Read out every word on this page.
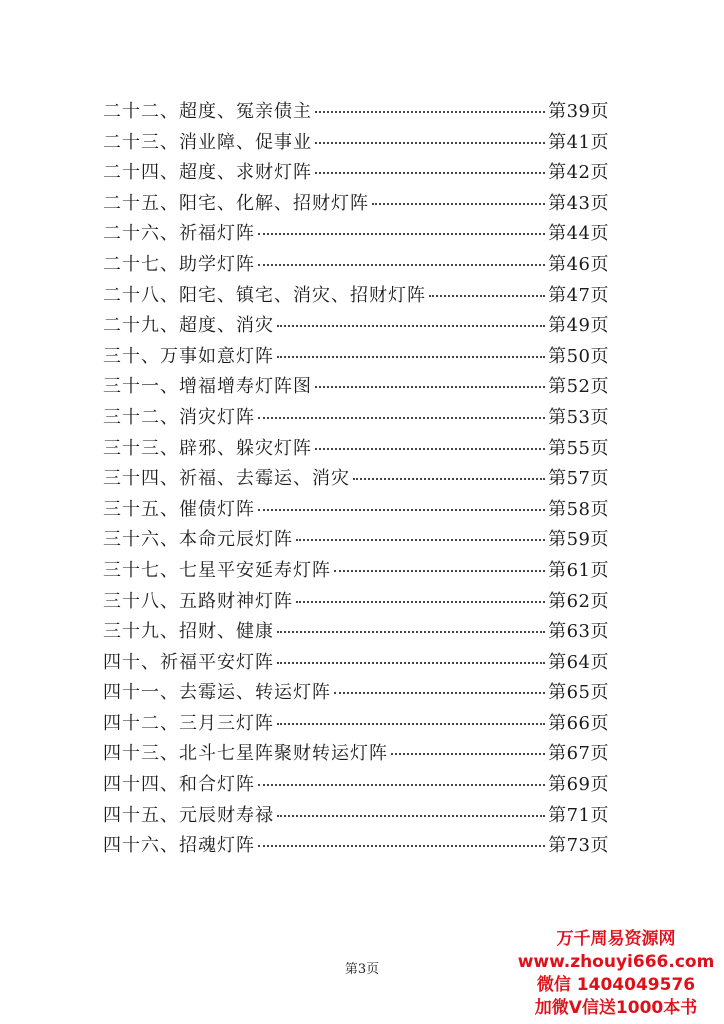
二十二、超度、冤亲债主	第39页
二十三、消业障、促事业	第41页
二十四、超度、求财灯阵	第42页
二十五、阳宅、化解、招财灯阵	第43页
二十六、祈福灯阵	第44页
二十七、助学灯阵	第46页
二十八、阳宅、镇宅、消灾、招财灯阵	第47页
二十九、超度、消灾	第49页
三十、万事如意灯阵	第50页
三十一、增福增寿灯阵图	第52页
三十二、消灾灯阵	第53页
三十三、辟邪、躲灾灯阵	第55页
三十四、祈福、去霉运、消灾	第57页
三十五、催债灯阵	第58页
三十六、本命元辰灯阵	第59页
三十七、七星平安延寿灯阵	第61页
三十八、五路财神灯阵	第62页
三十九、招财、健康	第63页
四十、祈福平安灯阵	第64页
四十一、去霉运、转运灯阵	第65页
四十二、三月三灯阵	第66页
四十三、北斗七星阵聚财转运灯阵	第67页
四十四、和合灯阵	第69页
四十五、元辰财寿禄	第71页
四十六、招魂灯阵	第73页
第3页
万千周易资源网
www.zhouyi666.com
微信 1404049576
加微V信送1000本书
